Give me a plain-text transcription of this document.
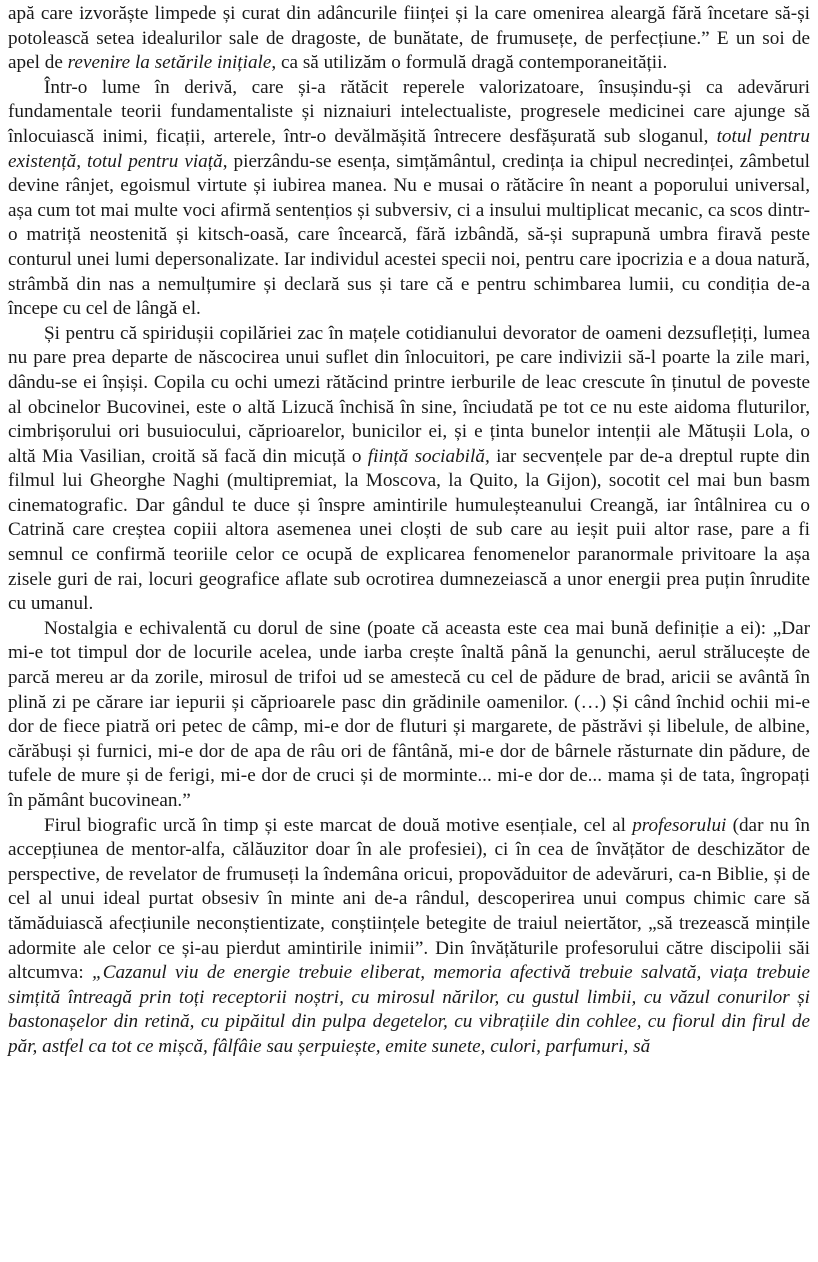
apă care izvorăște limpede și curat din adâncurile ființei și la care omenirea aleargă fără încetare să-și potolească setea idealurilor sale de dragoste, de bunătate, de frumusețe, de perfecțiune.” E un soi de apel de revenire la setările inițiale, ca să utilizăm o formulă dragă contemporaneității.

Într-o lume în derivă, care și-a rătăcit reperele valorizatoare, însușindu-și ca adevăruri fundamentale teorii fundamentaliste și niznaiuri intelectualiste, progresele medicinei care ajunge să înlocuiască inimi, ficații, arterele, într-o devălmășită întrecere desfășurată sub sloganul, totul pentru existență, totul pentru viață, pierzându-se esența, simțământul, credința ia chipul necredinței, zâmbetul devine rânjet, egoismul virtute și iubirea manea. Nu e musai o rătăcire în neant a poporului universal, așa cum tot mai multe voci afirmă sentențios și subversiv, ci a insului multiplicat mecanic, ca scos dintr-o matriță neostenită și kitsch-oasă, care încearcă, fără izbândă, să-și suprapună umbra firavă peste conturul unei lumi depersonalizate. Iar individul acestei specii noi, pentru care ipocrizia e a doua natură, strâmbă din nas a nemulțumire și declară sus și tare că e pentru schimbarea lumii, cu condiția de-a începe cu cel de lângă el.

Și pentru că spiridușii copilăriei zac în mațele cotidianului devorator de oameni dezsuflețiți, lumea nu pare prea departe de născocirea unui suflet din înlocuitori, pe care indivizii să-l poarte la zile mari, dându-se ei înșiși. Copila cu ochi umezi rătăcind printre ierburile de leac crescute în ținutul de poveste al obcinelor Bucovinei, este o altă Lizucă închisă în sine, înciudată pe tot ce nu este aidoma fluturilor, cimbrișorului ori busuiocului, căprioarelor, bunicilor ei, și e ținta bunelor intenții ale Mătușii Lola, o altă Mia Vasilian, croită să facă din micuță o ființă sociabilă, iar secvențele par de-a dreptul rupte din filmul lui Gheorghe Naghi (multipremiat, la Moscova, la Quito, la Gijon), socotit cel mai bun basm cinematografic. Dar gândul te duce și înspre amintirile humuleșteanului Creangă, iar întâlnirea cu o Catrină care creștea copiii altora asemenea unei cloști de sub care au ieșit puii altor rase, pare a fi semnul ce confirmă teoriile celor ce ocupă de explicarea fenomenelor paranormale privitoare la așa zisele guri de rai, locuri geografice aflate sub ocrotirea dumnezeiască a unor energii prea puțin înrudite cu umanul.

Nostalgia e echivalentă cu dorul de sine (poate că aceasta este cea mai bună definiție a ei): „Dar mi-e tot timpul dor de locurile acelea, unde iarba crește înaltă până la genunchi, aerul strălucește de parcă mereu ar da zorile, mirosul de trifoi ud se amestecă cu cel de pădure de brad, aricii se avântă în plină zi pe cărare iar iepurii și căprioarele pasc din grădinile oamenilor. (…) Și când închid ochii mi-e dor de fiece piatră ori petec de câmp, mi-e dor de fluturi și margarete, de păstrăvi și libelule, de albine, cărăbuși și furnici, mi-e dor de apa de râu ori de fântână, mi-e dor de bârnele răsturnate din pădure, de tufele de mure și de ferigi, mi-e dor de cruci și de morminte... mi-e dor de... mama și de tata, îngropați în pământ bucovinean.”

Firul biografic urcă în timp și este marcat de două motive esențiale, cel al profesorului (dar nu în accepțiunea de mentor-alfa, călăuzitor doar în ale profesiei), ci în cea de învățător de deschizător de perspective, de revelator de frumuseți la îndemâna oricui, propovăduitor de adevăruri, ca-n Biblie, și de cel al unui ideal purtat obsesiv în minte ani de-a rândul, descoperirea unui compus chimic care să tămăduiască afecțiunile neconștientizate, conștiințele betegite de traiul neiertător, „să trezească mințile adormite ale celor ce și-au pierdut amintirile inimii”. Din învățăturile profesorului către discipolii săi altcumva: „Cazanul viu de energie trebuie eliberat, memoria afectivă trebuie salvată, viața trebuie simțită întreagă prin toți receptorii noștri, cu mirosul nărilor, cu gustul limbii, cu văzul conurilor și bastonașelor din retină, cu pipăitul din pulpa degetelor, cu vibrațiile din cohlee, cu fiorul din firul de păr, astfel ca tot ce mișcă, fâlfâie sau șerpuiește, emite sunete, culori, parfumuri, să
